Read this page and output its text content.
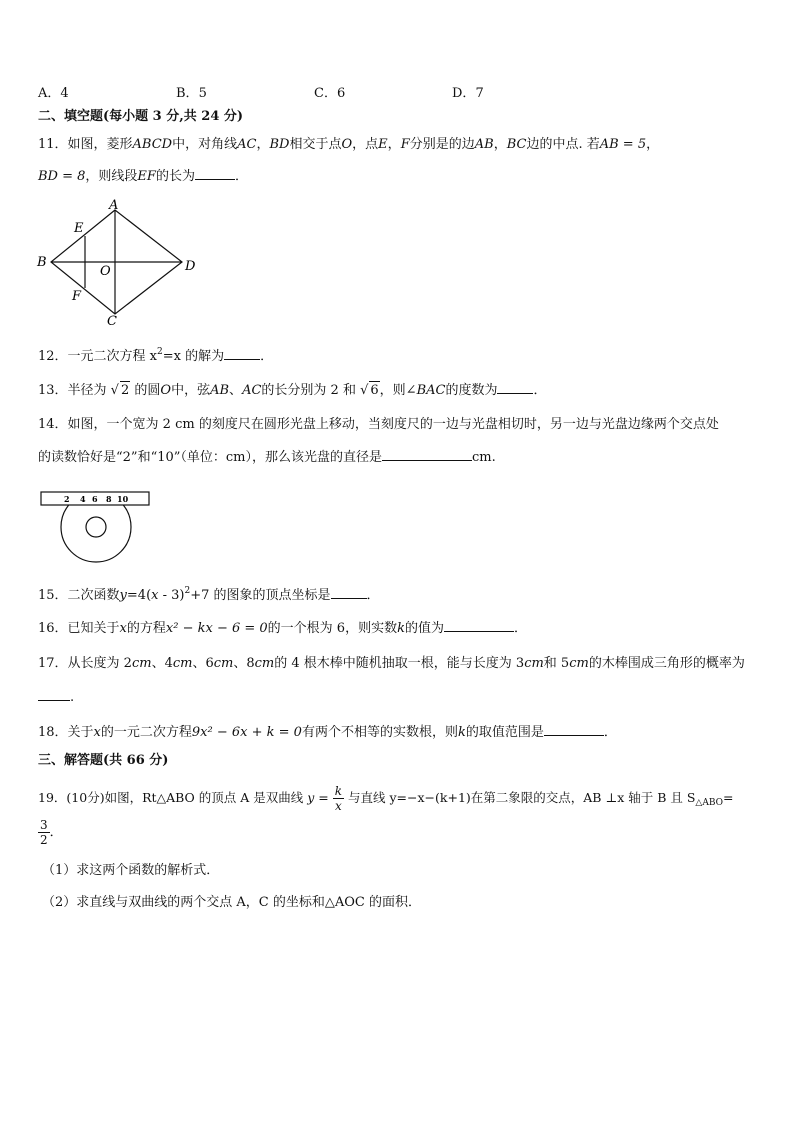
A．4	B．5	C．6	D．7
二、填空题(每小题 3 分,共 24 分)
11．如图，菱形ABCD中，对角线AC，BD相交于点O，点E，F分别是的边AB，BC边的中点. 若AB = 5，
BD = 8，则线段EF的长为	．
A
B
C
D
E
F
O
12．一元二次方程 $x^2=x$ 的解为	．
13．半径为 √ 2 的圆O中，弦AB、AC的长分别为 2 和 √ 6，则∠BAC的度数为	．
14．如图，一个宽为 2 cm 的刻度尺在圆形光盘上移动，当刻度尺的一边与光盘相切时，另一边与光盘边缘两个交点处
的读数恰好是“2”和“10”（单位：cm），那么该光盘的直径是	cm.
2 4 6 8 10
15．二次函数y=4(x - 3)$^2$+7 的图象的顶点坐标是	．
16．已知关于x的方程x² − kx − 6 = 0的一个根为 6，则实数k的值为	．
17．从长度为 2cm、4cm、6cm、8cm的 4 根木棒中随机抽取一根，能与长度为 3cm和 5cm的木棒围成三角形的概率为
.
18．关于x的一元二次方程9x² − 6x + k = 0有两个不相等的实数根，则k的取值范围是	．
三、解答题(共 66 分)
19．(10分)如图，Rt△ABO 的顶点 A 是双曲线 $y = \frac{k}{x}$ 与直线 y=−x−(k+1)在第二象限的交点，AB ⊥x 轴于 B 且 $S_{\triangle ABO}=$
$\frac{3}{2}$ ．
（1）求这两个函数的解析式．
（2）求直线与双曲线的两个交点 A，C 的坐标和△AOC 的面积．
